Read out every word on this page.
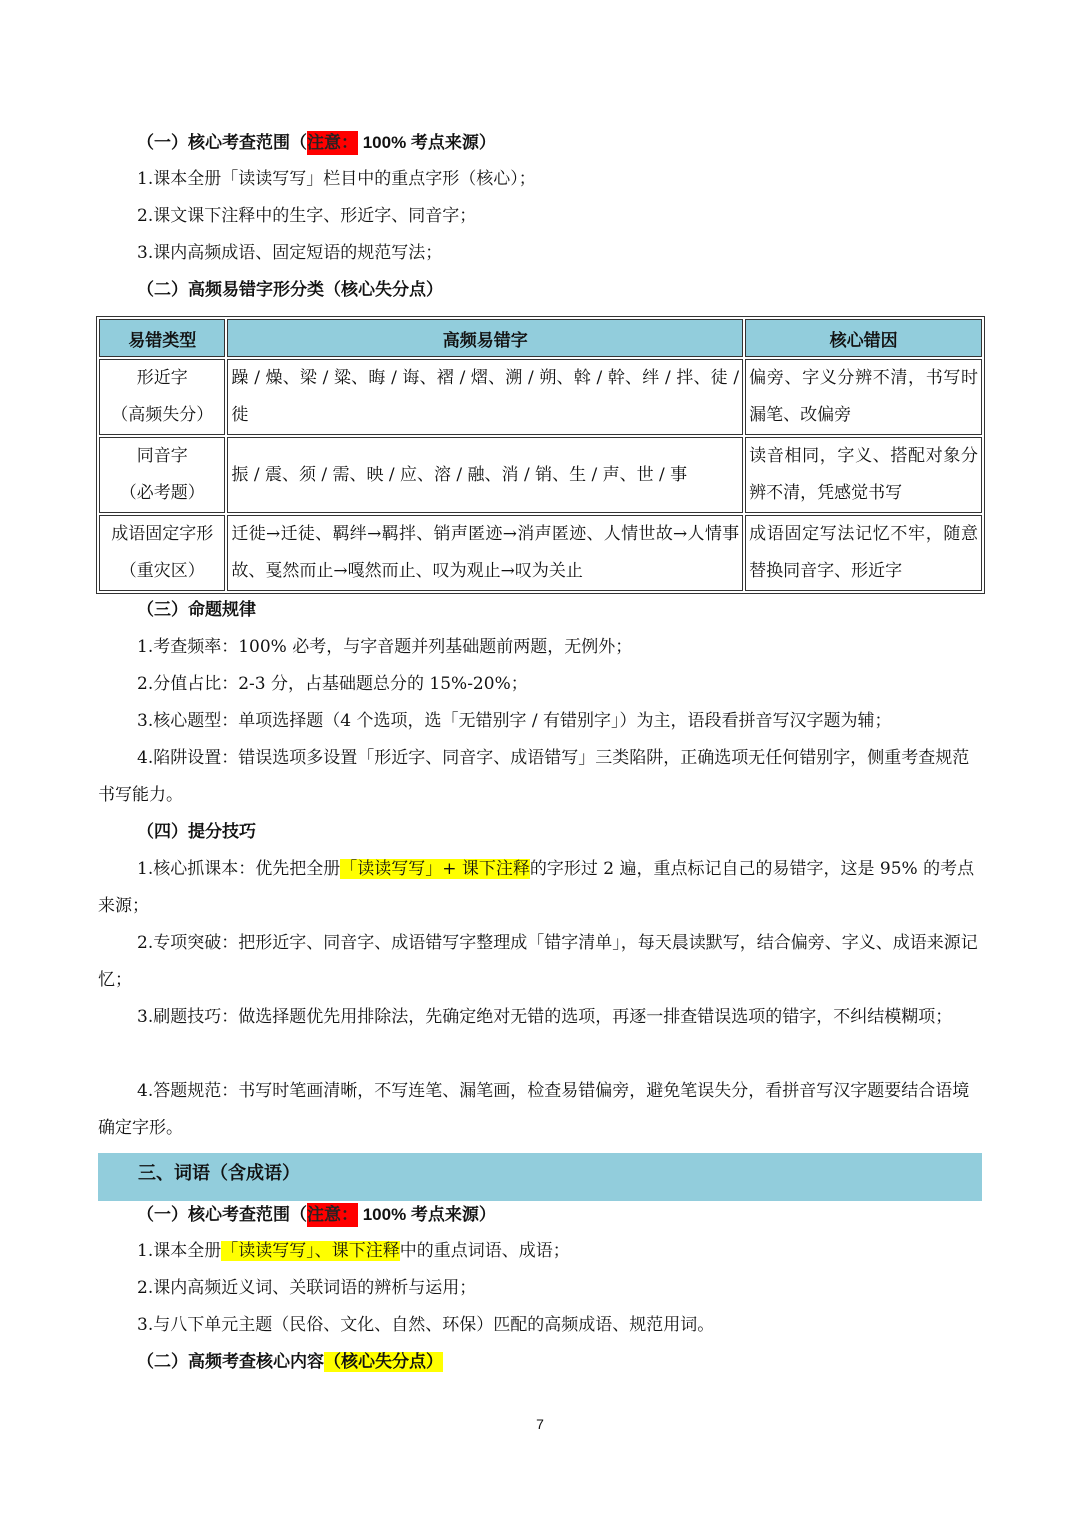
（一）核心考查范围（注意： 100% 考点来源）
1.课本全册「读读写写」栏目中的重点字形（核心）；
2.课文课下注释中的生字、形近字、同音字；
3.课内高频成语、固定短语的规范写法；
（二）高频易错字形分类（核心失分点）
易错类型	高频易错字	核心错因

形近字
（高频失分）	躁 / 燥、梁 / 粱、晦 / 诲、褶 / 熠、溯 / 朔、斡 / 幹、绊 / 拌、徒 / 徙	偏旁、字义分辨不清，书写时漏笔、改偏旁

同音字
（必考题）	振 / 震、须 / 需、映 / 应、溶 / 融、消 / 销、生 / 声、世 / 事	读音相同，字义、搭配对象分辨不清，凭感觉书写

成语固定字形
（重灾区）	迁徙→迁徒、羁绊→羁拌、销声匿迹→消声匿迹、人情世故→人情事故、戛然而止→嘎然而止、叹为观止→叹为关止	成语固定写法记忆不牢，随意替换同音字、形近字
（三）命题规律
1.考查频率：100% 必考，与字音题并列基础题前两题，无例外；
2.分值占比：2-3 分，占基础题总分的 15%-20%；
3.核心题型：单项选择题（4 个选项，选「无错别字 / 有错别字」）为主，语段看拼音写汉字题为辅；
4.陷阱设置：错误选项多设置「形近字、同音字、成语错写」三类陷阱，正确选项无任何错别字，侧重考查规范书写能力。
（四）提分技巧
1.核心抓课本：优先把全册「读读写写」+ 课下注释的字形过 2 遍，重点标记自己的易错字，这是 95% 的考点来源；
2.专项突破：把形近字、同音字、成语错写字整理成「错字清单」，每天晨读默写，结合偏旁、字义、成语来源记忆；
3.刷题技巧：做选择题优先用排除法，先确定绝对无错的选项，再逐一排查错误选项的错字，不纠结模糊项；
4.答题规范：书写时笔画清晰，不写连笔、漏笔画，检查易错偏旁，避免笔误失分，看拼音写汉字题要结合语境确定字形。
三、词语（含成语）
（一）核心考查范围（注意： 100% 考点来源）
1.课本全册「读读写写」、课下注释中的重点词语、成语；
2.课内高频近义词、关联词语的辨析与运用；
3.与八下单元主题（民俗、文化、自然、环保）匹配的高频成语、规范用词。
（二）高频考查核心内容（核心失分点）
7
